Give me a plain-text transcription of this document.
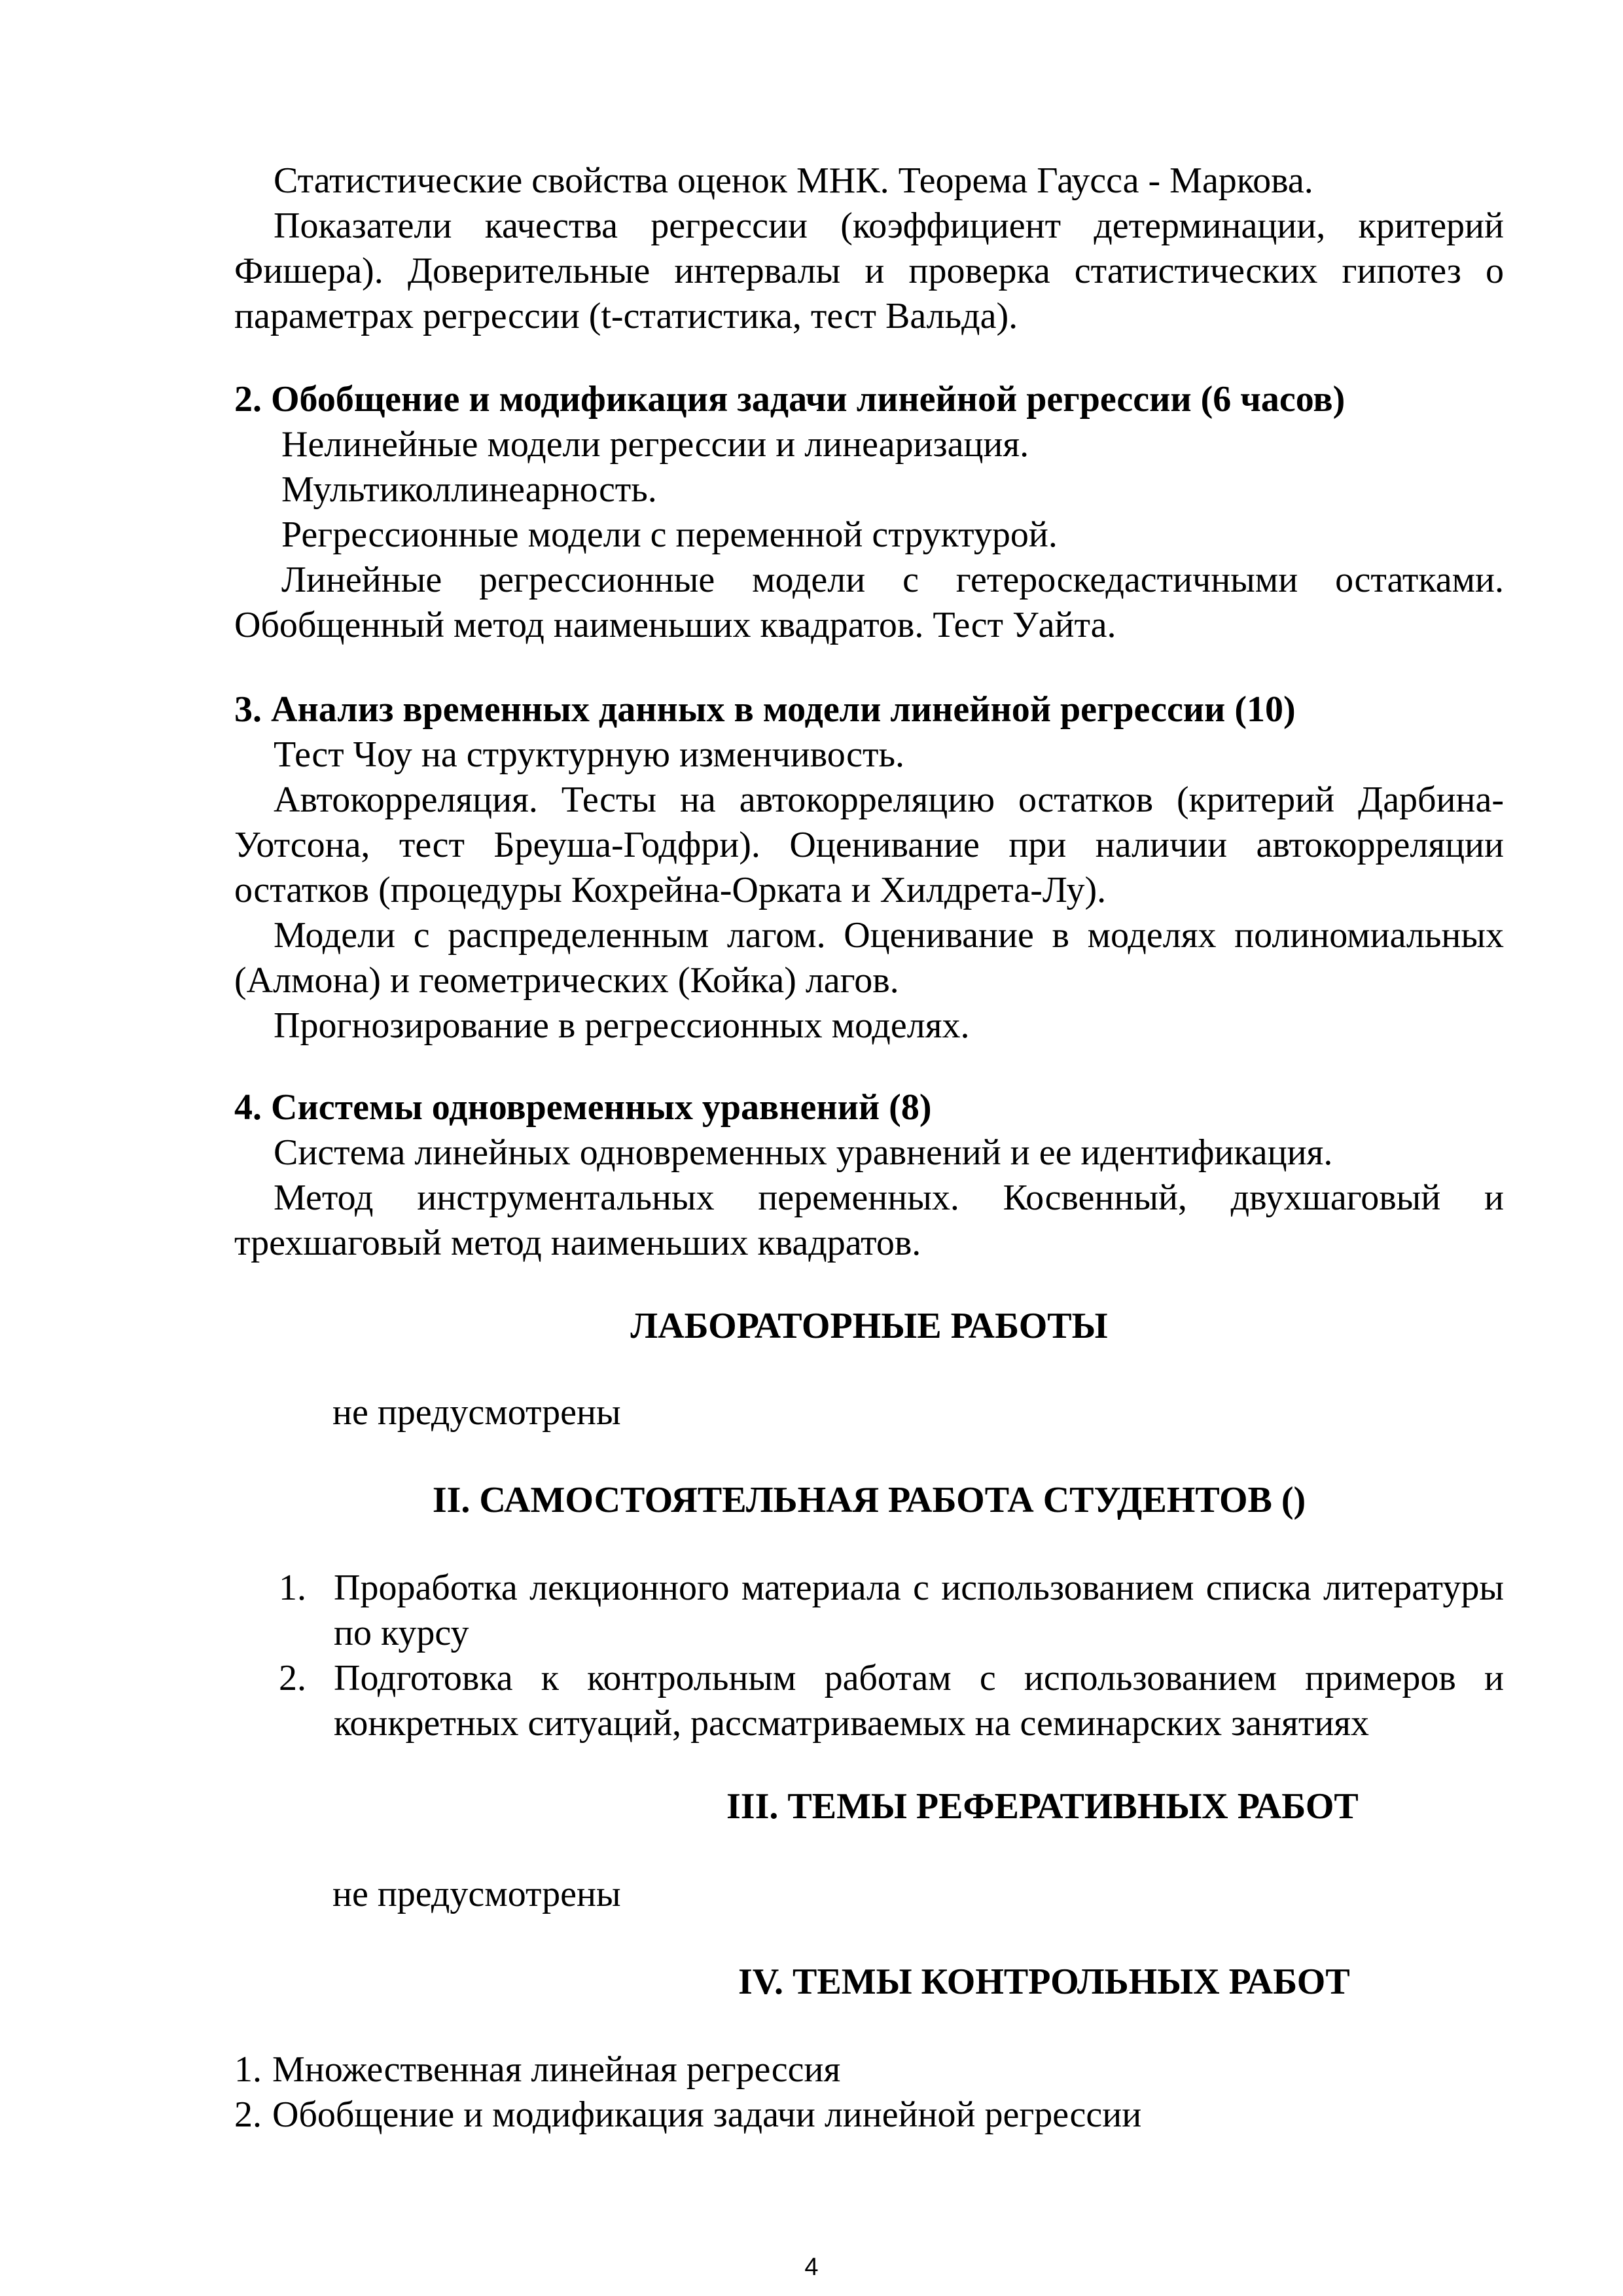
Статистические свойства оценок МНК. Теорема Гаусса - Маркова.

Показатели качества регрессии (коэффициент детерминации, критерий Фишера). Доверительные интервалы и проверка статистических гипотез о параметрах регрессии (t-статистика, тест Вальда).

2. Обобщение и модификация задачи линейной регрессии (6 часов)

Нелинейные модели регрессии и линеаризация.

Мультиколлинеарность.

Регрессионные модели с переменной структурой.

Линейные регрессионные модели с гетероскедастичными остатками. Обобщенный метод наименьших квадратов. Тест Уайта.

3. Анализ временных данных в модели линейной регрессии (10)

Тест Чоу на структурную изменчивость.

Автокорреляция. Тесты на автокорреляцию остатков (критерий Дарбина-Уотсона, тест Бреуша-Годфри). Оценивание при наличии автокорреляции остатков (процедуры Кохрейна-Орката и Хилдрета-Лу).

Модели с распределенным лагом. Оценивание в моделях полиномиальных (Алмона) и геометрических (Койка) лагов.

Прогнозирование в регрессионных моделях.

4. Системы одновременных уравнений (8)

Система линейных одновременных уравнений и ее идентификация.

Метод инструментальных переменных. Косвенный, двухшаговый и трехшаговый метод наименьших квадратов.

ЛАБОРАТОРНЫЕ РАБОТЫ

не предусмотрены

II. САМОСТОЯТЕЛЬНАЯ РАБОТА СТУДЕНТОВ ()

1. Проработка лекционного материала с использованием списка литературы по курсу
2. Подготовка к контрольным работам с использованием примеров и конкретных ситуаций, рассматриваемых на семинарских занятиях

III. ТЕМЫ РЕФЕРАТИВНЫХ РАБОТ

не предусмотрены

IV. ТЕМЫ КОНТРОЛЬНЫХ РАБОТ

1. Множественная линейная регрессия
2. Обобщение и модификация задачи линейной регрессии
4
